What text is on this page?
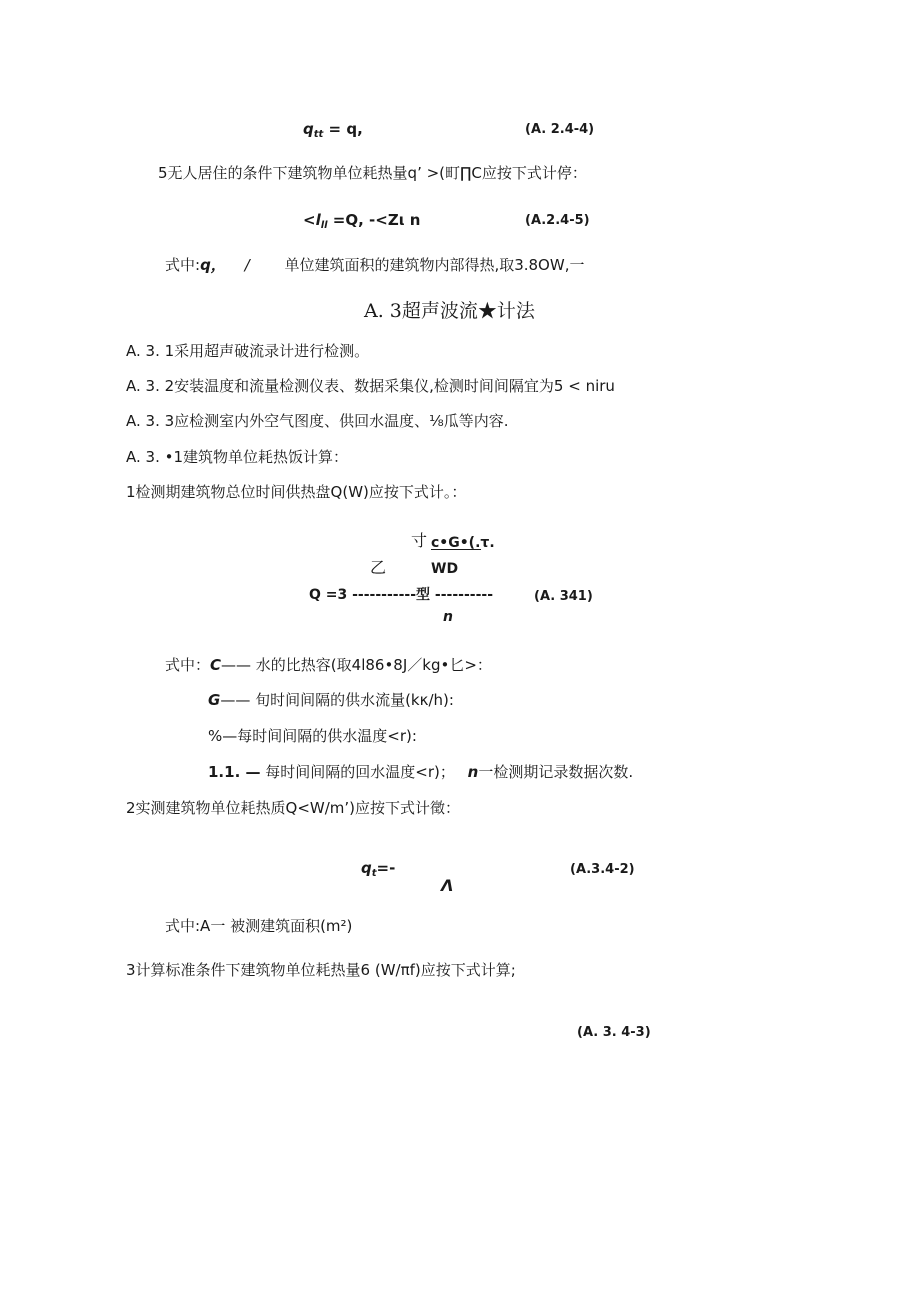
$q_{tt} = q$,	(A. 2.4-4)
5无人居住的条件下建筑物单位耗热量q’ >(町∏C应按下式计停：
$<l_{ll} =Q$, -<Zι n	(A.2.4-5)
式中:q， / 单位建筑面积的建筑物内部得热,取3.8OW,一
A. 3超声波流★计法
A. 3. 1采用超声破流录计进行检测。
A. 3. 2安装温度和流量检测仪表、数据采集仪,检测时间间隔宜为5 < niru
A. 3. 3应检测室内外空气图度、供回水温度、⅛瓜等内容.
A. 3. •1建筑物单位耗热饭计算：
1检测期建筑物总位时间供热盘Q(W)应按下式计。：
寸 c•G•(.τ.
乙	WD
Q =3 -----------型 ----------
n
(A. 341)
式中：C—— 水的比热容(取4l86•8J／kg•匕>：
G—— 旬时间间隔的供水流量(kκ/h):
%—每时间间隔的供水温度<r):
1.1. — 每时间间隔的回水温度<r)； n一检测期记录数据次数.
2实测建筑物单位耗热质Q<W/m’)应按下式计徵：
$q_t=-$
Λ
(A.3.4-2)
式中:A一 被测建筑面积(m²)
3计算标准条件下建筑物单位耗热量6 (W/πf)应按下式计算;
(A. 3. 4-3)
